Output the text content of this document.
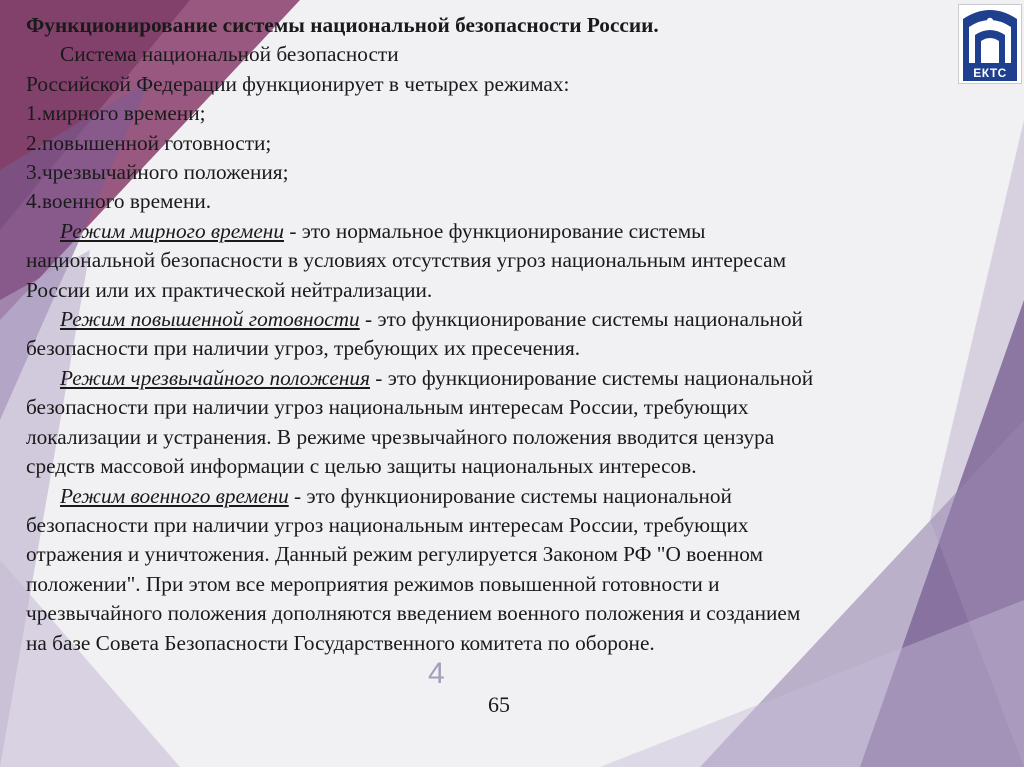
ЕКТС

Функционирование системы национальной безопасности России.

Система национальной безопасности

Российской Федерации функционирует в четырех режимах:

1.мирного времени;

2.повышенной готовности;

3.чрезвычайного положения;

4.военного времени.

Режим мирного времени - это нормальное функционирование системы

национальной безопасности в условиях отсутствия угроз национальным интересам

России или их практической нейтрализации.

Режим повышенной готовности - это функционирование системы национальной

безопасности при наличии угроз, требующих их пресечения.

Режим чрезвычайного положения - это функционирование системы национальной

безопасности при наличии угроз национальным интересам России, требующих

локализации и устранения. В режиме чрезвычайного положения вводится цензура

средств массовой информации с целью защиты национальных интересов.

Режим военного времени - это функционирование системы национальной

безопасности при наличии угроз национальным интересам России, требующих

отражения и уничтожения. Данный режим регулируется Законом РФ "О военном

положении". При этом все мероприятия режимов повышенной готовности и

чрезвычайного положения дополняются введением военного положения и созданием

на базе Совета Безопасности Государственного комитета по обороне.

4
65
